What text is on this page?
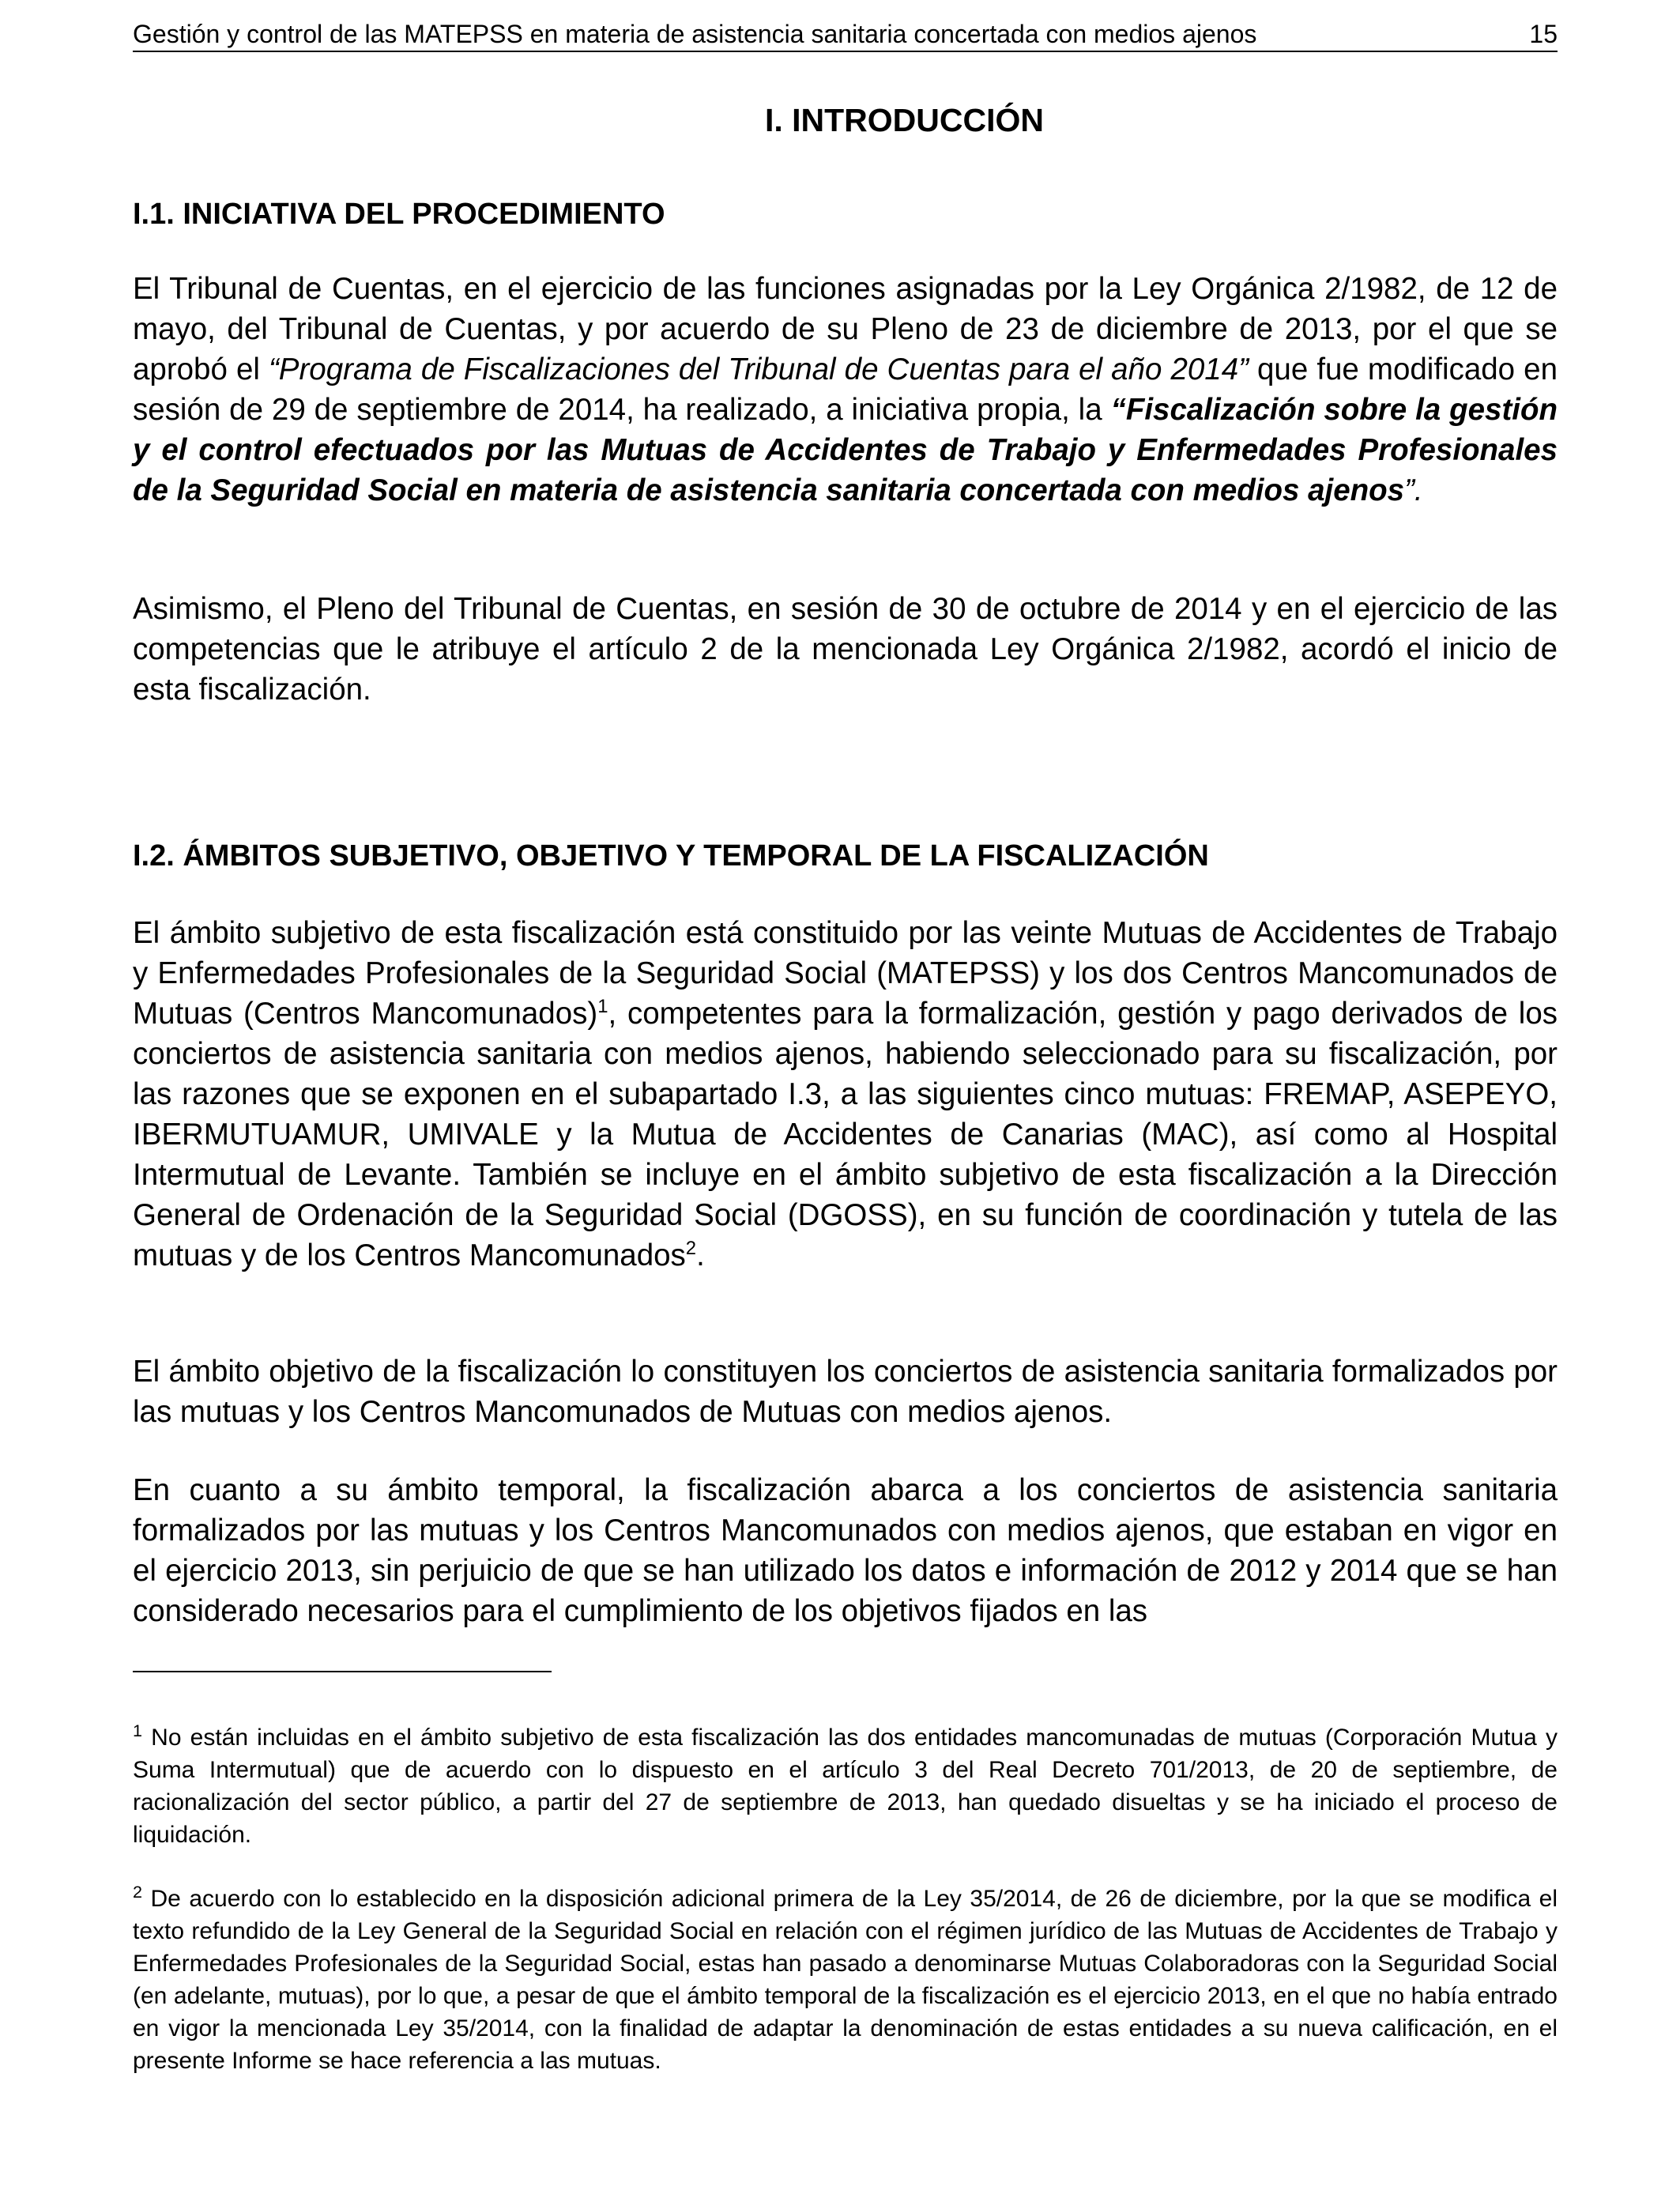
Gestión y control de las MATEPSS en materia de asistencia sanitaria concertada con medios ajenos	15
I. INTRODUCCIÓN
I.1. INICIATIVA DEL PROCEDIMIENTO
El Tribunal de Cuentas, en el ejercicio de las funciones asignadas por la Ley Orgánica 2/1982, de 12 de mayo, del Tribunal de Cuentas, y por acuerdo de su Pleno de 23 de diciembre de 2013, por el que se aprobó el “Programa de Fiscalizaciones del Tribunal de Cuentas para el año 2014” que fue modificado en sesión de 29 de septiembre de 2014, ha realizado, a iniciativa propia, la “Fiscalización sobre la gestión y el control efectuados por las Mutuas de Accidentes de Trabajo y Enfermedades Profesionales de la Seguridad Social en materia de asistencia sanitaria concertada con medios ajenos”.
Asimismo, el Pleno del Tribunal de Cuentas, en sesión de 30 de octubre de 2014 y en el ejercicio de las competencias que le atribuye el artículo 2 de la mencionada Ley Orgánica 2/1982, acordó el inicio de esta fiscalización.
I.2. ÁMBITOS SUBJETIVO, OBJETIVO Y TEMPORAL DE LA FISCALIZACIÓN
El ámbito subjetivo de esta fiscalización está constituido por las veinte Mutuas de Accidentes de Trabajo y Enfermedades Profesionales de la Seguridad Social (MATEPSS) y los dos Centros Mancomunados de Mutuas (Centros Mancomunados)$^1$, competentes para la formalización, gestión y pago derivados de los conciertos de asistencia sanitaria con medios ajenos, habiendo seleccionado para su fiscalización, por las razones que se exponen en el subapartado I.3, a las siguientes cinco mutuas: FREMAP, ASEPEYO, IBERMUTUAMUR, UMIVALE y la Mutua de Accidentes de Canarias (MAC), así como al Hospital Intermutual de Levante. También se incluye en el ámbito subjetivo de esta fiscalización a la Dirección General de Ordenación de la Seguridad Social (DGOSS), en su función de coordinación y tutela de las mutuas y de los Centros Mancomunados$^2$.
El ámbito objetivo de la fiscalización lo constituyen los conciertos de asistencia sanitaria formalizados por las mutuas y los Centros Mancomunados de Mutuas con medios ajenos.
En cuanto a su ámbito temporal, la fiscalización abarca a los conciertos de asistencia sanitaria formalizados por las mutuas y los Centros Mancomunados con medios ajenos, que estaban en vigor en el ejercicio 2013, sin perjuicio de que se han utilizado los datos e información de 2012 y 2014 que se han considerado necesarios para el cumplimiento de los objetivos fijados en las
$^1$ No están incluidas en el ámbito subjetivo de esta fiscalización las dos entidades mancomunadas de mutuas (Corporación Mutua y Suma Intermutual) que de acuerdo con lo dispuesto en el artículo 3 del Real Decreto 701/2013, de 20 de septiembre, de racionalización del sector público, a partir del 27 de septiembre de 2013, han quedado disueltas y se ha iniciado el proceso de liquidación.
$^2$ De acuerdo con lo establecido en la disposición adicional primera de la Ley 35/2014, de 26 de diciembre, por la que se modifica el texto refundido de la Ley General de la Seguridad Social en relación con el régimen jurídico de las Mutuas de Accidentes de Trabajo y Enfermedades Profesionales de la Seguridad Social, estas han pasado a denominarse Mutuas Colaboradoras con la Seguridad Social (en adelante, mutuas), por lo que, a pesar de que el ámbito temporal de la fiscalización es el ejercicio 2013, en el que no había entrado en vigor la mencionada Ley 35/2014, con la finalidad de adaptar la denominación de estas entidades a su nueva calificación, en el presente Informe se hace referencia a las mutuas.
